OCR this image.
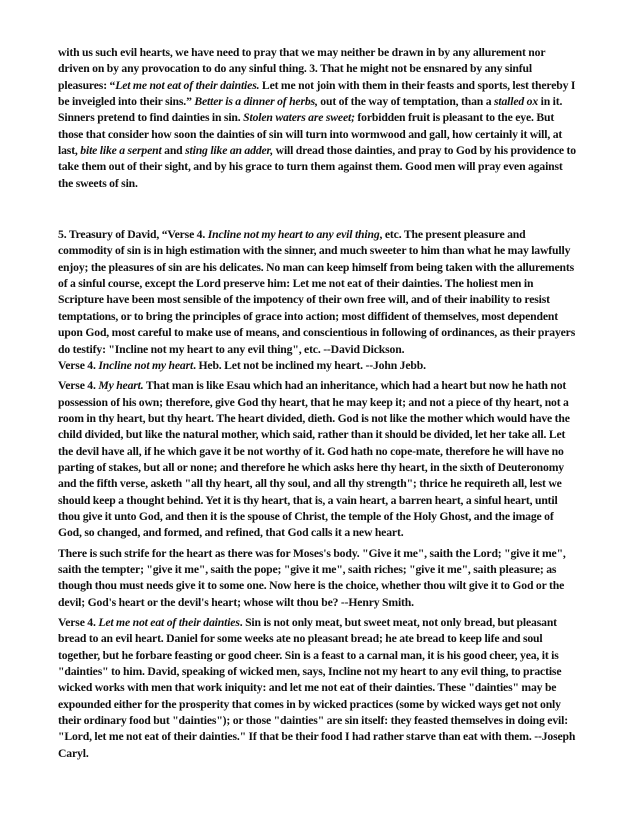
with us such evil hearts, we have need to pray that we may neither be drawn in by any allurement nor driven on by any provocation to do any sinful thing. 3. That he might not be ensnared by any sinful pleasures: “Let me not eat of their dainties. Let me not join with them in their feasts and sports, lest thereby I be inveigled into their sins.” Better is a dinner of herbs, out of the way of temptation, than a stalled ox in it. Sinners pretend to find dainties in sin. Stolen waters are sweet; forbidden fruit is pleasant to the eye. But those that consider how soon the dainties of sin will turn into wormwood and gall, how certainly it will, at last, bite like a serpent and sting like an adder, will dread those dainties, and pray to God by his providence to take them out of their sight, and by his grace to turn them against them. Good men will pray even against the sweets of sin.

5. Treasury of David, “Verse 4. Incline not my heart to any evil thing, etc. The present pleasure and commodity of sin is in high estimation with the sinner, and much sweeter to him than what he may lawfully enjoy; the pleasures of sin are his delicates. No man can keep himself from being taken with the allurements of a sinful course, except the Lord preserve him: Let me not eat of their dainties. The holiest men in Scripture have been most sensible of the impotency of their own free will, and of their inability to resist temptations, or to bring the principles of grace into action; most diffident of themselves, most dependent upon God, most careful to make use of means, and conscientious in following of ordinances, as their prayers do testify: "Incline not my heart to any evil thing", etc. --David Dickson.

Verse 4. Incline not my heart. Heb. Let not be inclined my heart. --John Jebb.

Verse 4. My heart. That man is like Esau which had an inheritance, which had a heart but now he hath not possession of his own; therefore, give God thy heart, that he may keep it; and not a piece of thy heart, not a room in thy heart, but thy heart. The heart divided, dieth. God is not like the mother which would have the child divided, but like the natural mother, which said, rather than it should be divided, let her take all. Let the devil have all, if he which gave it be not worthy of it. God hath no cope-mate, therefore he will have no parting of stakes, but all or none; and therefore he which asks here thy heart, in the sixth of Deuteronomy and the fifth verse, asketh "all thy heart, all thy soul, and all thy strength"; thrice he requireth all, lest we should keep a thought behind. Yet it is thy heart, that is, a vain heart, a barren heart, a sinful heart, until thou give it unto God, and then it is the spouse of Christ, the temple of the Holy Ghost, and the image of God, so changed, and formed, and refined, that God calls it a new heart.

There is such strife for the heart as there was for Moses's body. "Give it me", saith the Lord; "give it me", saith the tempter; "give it me", saith the pope; "give it me", saith riches; "give it me", saith pleasure; as though thou must needs give it to some one. Now here is the choice, whether thou wilt give it to God or the devil; God's heart or the devil's heart; whose wilt thou be? --Henry Smith.

Verse 4. Let me not eat of their dainties. Sin is not only meat, but sweet meat, not only bread, but pleasant bread to an evil heart. Daniel for some weeks ate no pleasant bread; he ate bread to keep life and soul together, but he forbare feasting or good cheer. Sin is a feast to a carnal man, it is his good cheer, yea, it is "dainties" to him. David, speaking of wicked men, says, Incline not my heart to any evil thing, to practise wicked works with men that work iniquity: and let me not eat of their dainties. These "dainties" may be expounded either for the prosperity that comes in by wicked practices (some by wicked ways get not only their ordinary food but "dainties"); or those "dainties" are sin itself: they feasted themselves in doing evil: "Lord, let me not eat of their dainties." If that be their food I had rather starve than eat with them. --Joseph Caryl.
